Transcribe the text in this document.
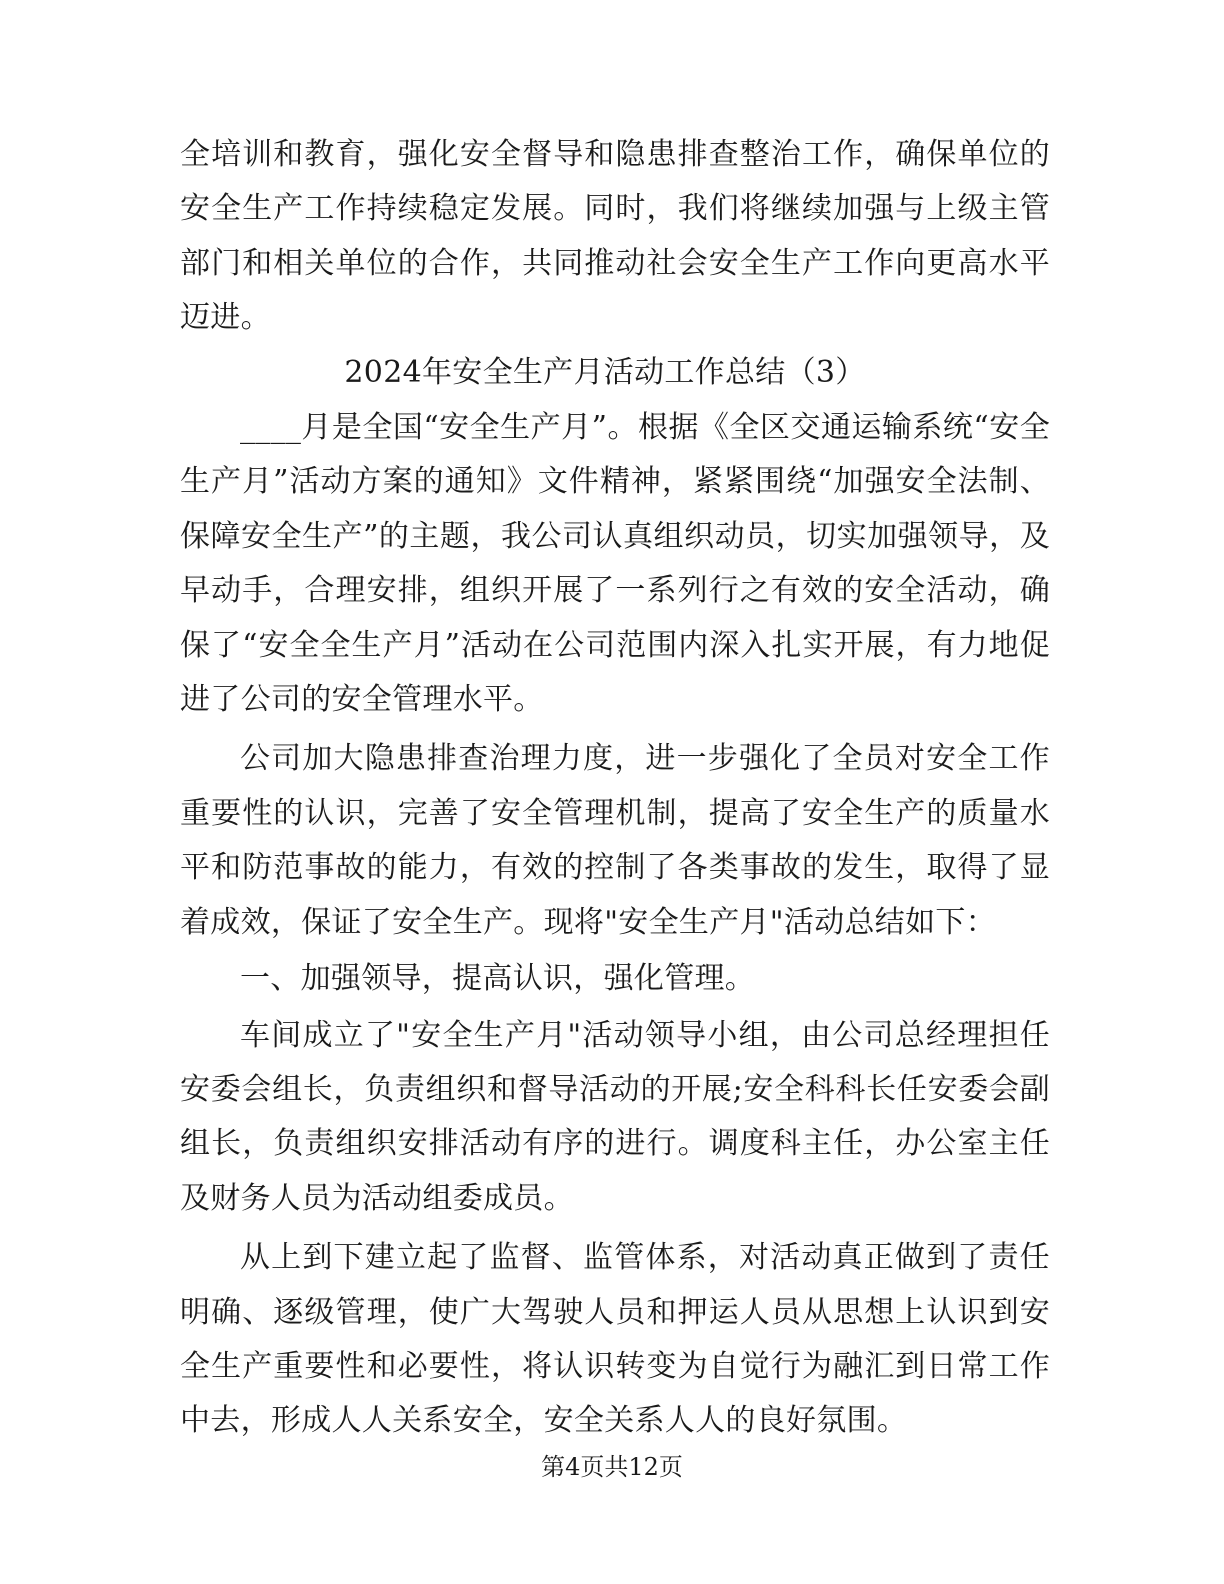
全培训和教育，强化安全督导和隐患排查整治工作，确保单位的安全生产工作持续稳定发展。同时，我们将继续加强与上级主管部门和相关单位的合作，共同推动社会安全生产工作向更高水平迈进。

2024年安全生产月活动工作总结（3）

____月是全国“安全生产月”。根据《全区交通运输系统“安全生产月”活动方案的通知》文件精神，紧紧围绕“加强安全法制、保障安全生产”的主题，我公司认真组织动员，切实加强领导，及早动手，合理安排，组织开展了一系列行之有效的安全活动，确保了“安全全生产月”活动在公司范围内深入扎实开展，有力地促进了公司的安全管理水平。

公司加大隐患排查治理力度，进一步强化了全员对安全工作重要性的认识，完善了安全管理机制，提高了安全生产的质量水平和防范事故的能力，有效的控制了各类事故的发生，取得了显着成效，保证了安全生产。现将"安全生产月"活动总结如下：

一、加强领导，提高认识，强化管理。

车间成立了"安全生产月"活动领导小组，由公司总经理担任安委会组长，负责组织和督导活动的开展;安全科科长任安委会副组长，负责组织安排活动有序的进行。调度科主任，办公室主任及财务人员为活动组委成员。

从上到下建立起了监督、监管体系，对活动真正做到了责任明确、逐级管理，使广大驾驶人员和押运人员从思想上认识到安全生产重要性和必要性，将认识转变为自觉行为融汇到日常工作中去，形成人人关系安全，安全关系人人的良好氛围。

第4页共12页
